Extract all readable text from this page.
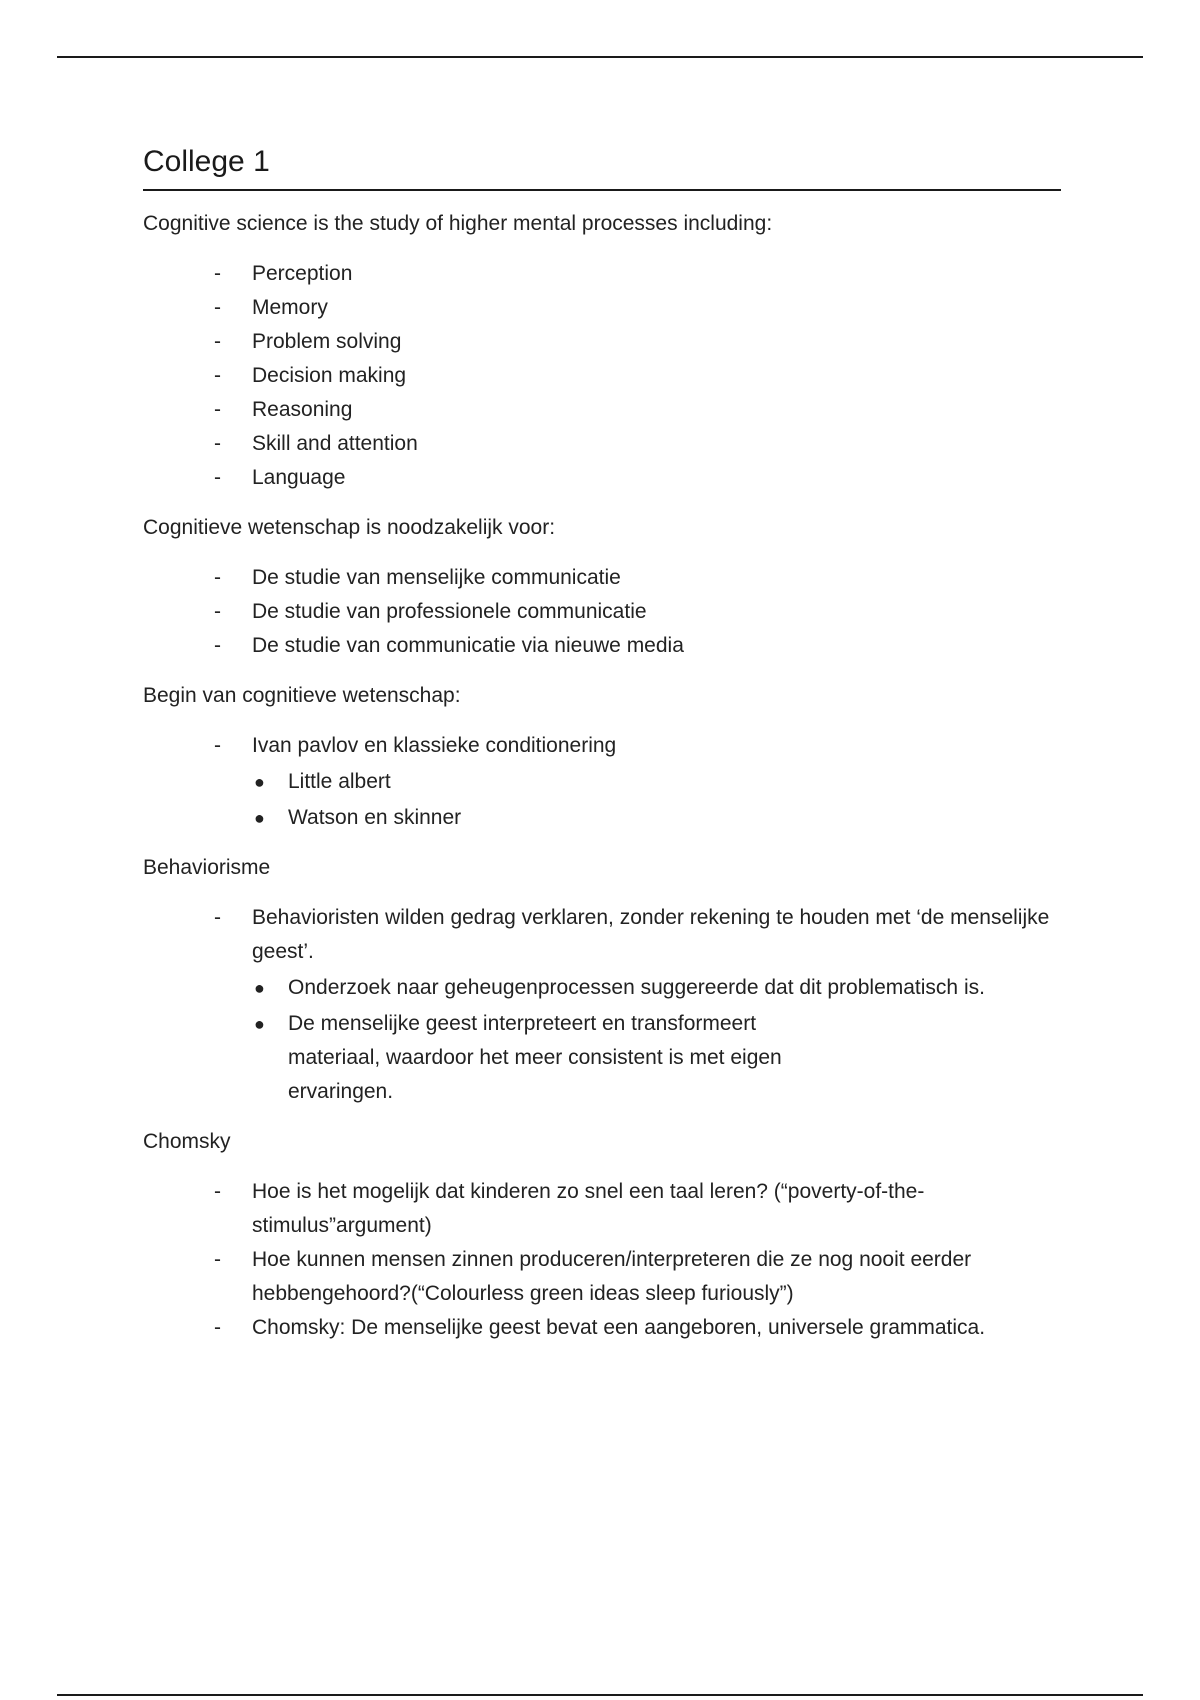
College 1

Cognitive science is the study of higher mental processes including:

- Perception
- Memory
- Problem solving
- Decision making
- Reasoning
- Skill and attention
- Language

Cognitieve wetenschap is noodzakelijk voor:

- De studie van menselijke communicatie
- De studie van professionele communicatie
- De studie van communicatie via nieuwe media

Begin van cognitieve wetenschap:

- Ivan pavlov en klassieke conditionering
● Little albert
● Watson en skinner

Behaviorisme

- Behavioristen wilden gedrag verklaren, zonder rekening te houden met ‘de menselijke geest’.
● Onderzoek naar geheugenprocessen suggereerde dat dit problematisch is.
● De menselijke geest interpreteert en transformeert materiaal, waardoor het meer consistent is met eigen ervaringen.

Chomsky

- Hoe is het mogelijk dat kinderen zo snel een taal leren? (“poverty-of-the-stimulus”argument)
- Hoe kunnen mensen zinnen produceren/interpreteren die ze nog nooit eerder hebbengehoord?(“Colourless green ideas sleep furiously”)
- Chomsky: De menselijke geest bevat een aangeboren, universele grammatica.
